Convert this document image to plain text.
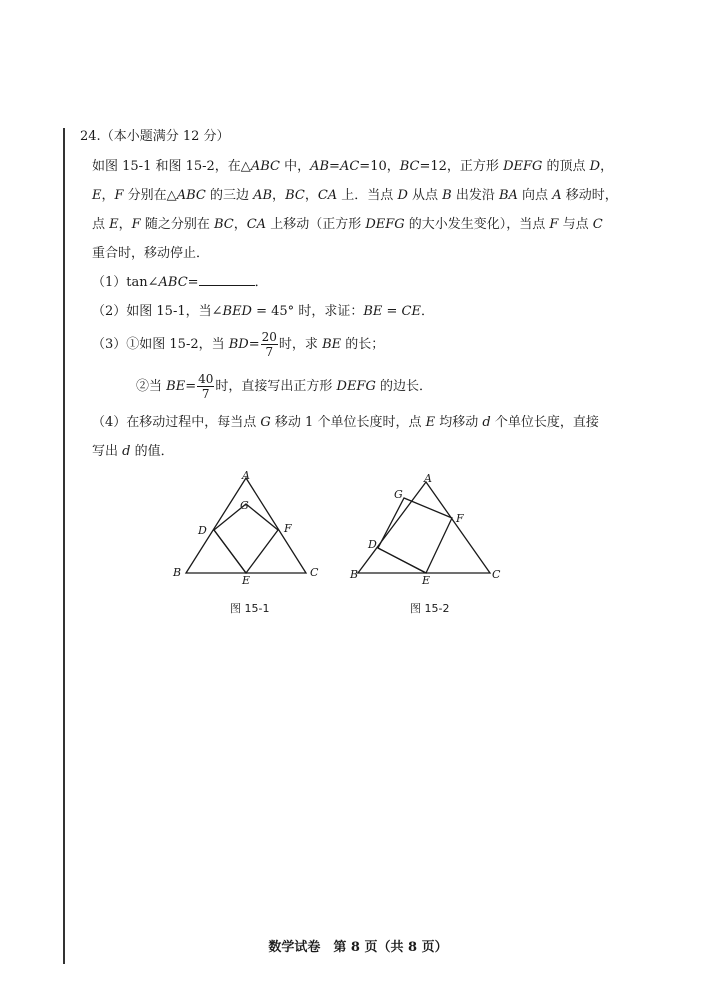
24.（本小题满分 12 分）
如图 15-1 和图 15-2，在△ABC 中，AB=AC=10，BC=12，正方形 DEFG 的顶点 D，
E，F 分别在△ABC 的三边 AB，BC，CA 上．当点 D 从点 B 出发沿 BA 向点 A 移动时，
点 E，F 随之分别在 BC，CA 上移动（正方形 DEFG 的大小发生变化），当点 F 与点 C
重合时，移动停止．
（1）tan∠ABC=	．
（2）如图 15-1，当∠BED = 45° 时，求证：BE = CE．
（3）①如图 15-2，当 $BD= \frac{20}{7}$ 时，求 BE 的长；
②当 $BE= \frac{40}{7}$ 时，直接写出正方形 DEFG 的边长．
（4）在移动过程中，每当点 G 移动 1 个单位长度时，点 E 均移动 d 个单位长度，直接
写出 d 的值．
A
G
D	F
B
E
C
图 15-1
A
G
D
F
B	E	C
图 15-2
数学试卷　第 8 页（共 8 页）
